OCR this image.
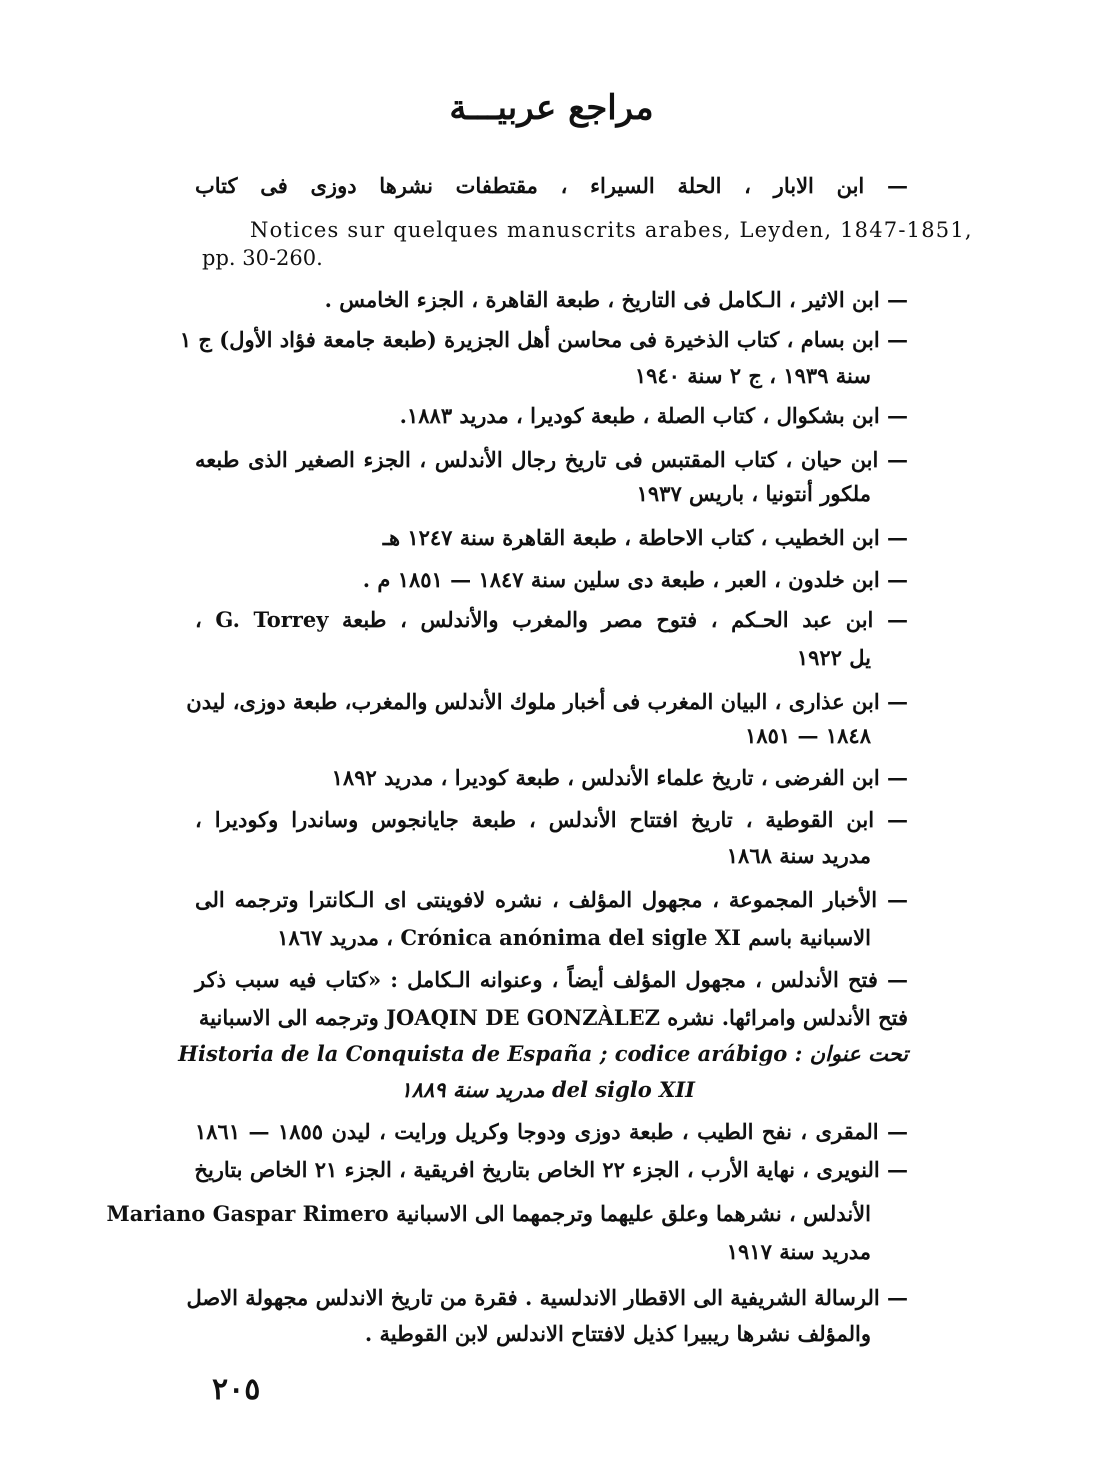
مراجع عربيـــة
— ابن الابار ، الحلة السيراء ، مقتطفات نشرها دوزى فى كتاب
Notices sur quelques manuscrits arabes, Leyden, 1847-1851,
pp. 30-260.
— ابن الاثير ، الـكامل فى التاريخ ، طبعة القاهرة ، الجزء الخامس .
— ابن بسام ، كتاب الذخيرة فى محاسن أهل الجزيرة (طبعة جامعة فؤاد الأول) ج ١
سنة ١٩٣٩ ، ج ٢ سنة ١٩٤٠
— ابن بشكوال ، كتاب الصلة ، طبعة كوديرا ، مدريد ١٨٨٣.
— ابن حيان ، كتاب المقتبس فى تاريخ رجال الأندلس ، الجزء الصغير الذى طبعه
ملكور أنتونيا ، باريس ١٩٣٧
— ابن الخطيب ، كتاب الاحاطة ، طبعة القاهرة سنة ١٢٤٧ هـ
— ابن خلدون ، العبر ، طبعة دى سلين سنة ١٨٤٧ — ١٨٥١ م .
— ابن عبد الحـكم ، فتوح مصر والمغرب والأندلس ، طبعة G. Torrey ،
يل ١٩٢٢
— ابن عذارى ، البيان المغرب فى أخبار ملوك الأندلس والمغرب، طبعة دوزى، ليدن
١٨٤٨ — ١٨٥١
— ابن الفرضى ، تاريخ علماء الأندلس ، طبعة كوديرا ، مدريد ١٨٩٢
— ابن القوطية ، تاريخ افتتاح الأندلس ، طبعة جايانجوس وساندرا وكوديرا ،
مدريد سنة ١٨٦٨
— الأخبار المجموعة ، مجهول المؤلف ، نشره لافوينتى اى الـكانترا وترجمه الى
الاسبانية باسم Crónica anónima del sigle XI ، مدريد ١٨٦٧
— فتح الأندلس ، مجهول المؤلف أيضاً ، وعنوانه الـكامل : «كتاب فيه سبب ذكر
فتح الأندلس وامرائها. نشره JOAQIN DE GONZÀLEZ وترجمه الى الاسبانية
تحت عنوان : Historia de la Conquista de España ; codice arábigo
del siglo XII مدريد سنة ١٨٨٩
— المقرى ، نفح الطيب ، طبعة دوزى ودوجا وكريل ورايت ، ليدن ١٨٥٥ — ١٨٦١
— النويرى ، نهاية الأرب ، الجزء ٢٢ الخاص بتاريخ افريقية ، الجزء ٢١ الخاص بتاريخ
الأندلس ، نشرهما وعلق عليهما وترجمهما الى الاسبانية Mariano Gaspar Rimero
مدريد سنة ١٩١٧
— الرسالة الشريفية الى الاقطار الاندلسية . فقرة من تاريخ الاندلس مجهولة الاصل
والمؤلف نشرها ريبيرا كذيل لافتتاح الاندلس لابن القوطية .
٢٠٥
